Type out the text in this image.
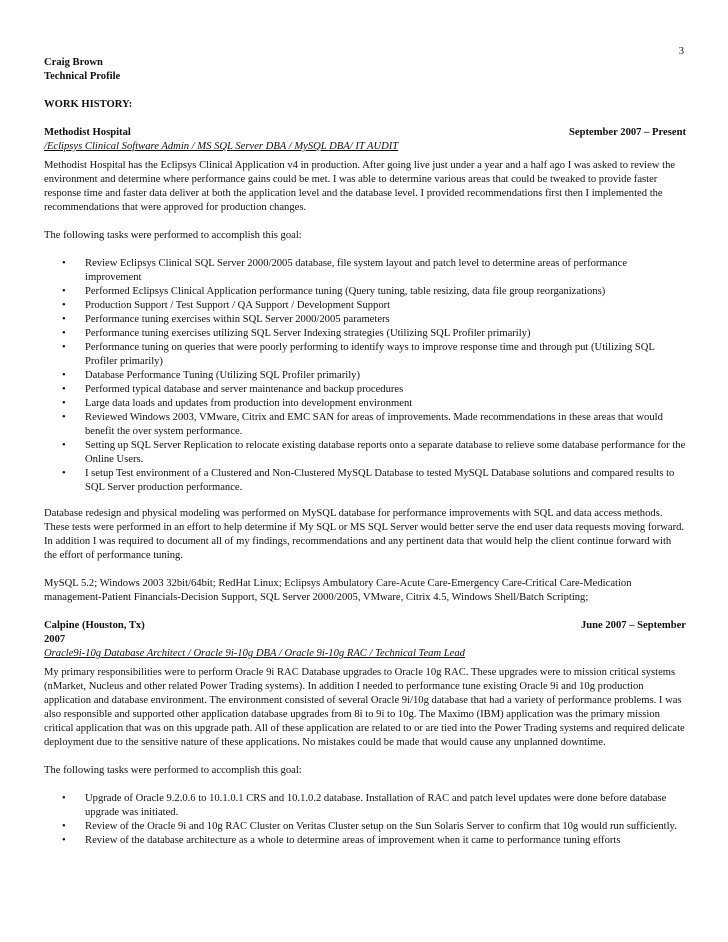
3
Craig Brown
Technical Profile
WORK HISTORY:
Methodist Hospital	September 2007 – Present
/Eclipsys Clinical Software Admin / MS SQL Server DBA / MySQL DBA/ IT AUDIT

Methodist Hospital has the Eclipsys Clinical Application v4 in production. After going live just under a year and a half ago I was asked to review the environment and determine where performance gains could be met. I was able to determine various areas that could be tweaked to provide faster response time and faster data deliver at both the application level and the database level. I provided recommendations first then I implemented the recommendations that were approved for production changes.

The following tasks were performed to accomplish this goal:

• Review Eclipsys Clinical SQL Server 2000/2005 database, file system layout and patch level to determine areas of performance improvement
• Performed Eclipsys Clinical Application performance tuning (Query tuning, table resizing, data file group reorganizations)
• Production Support / Test Support / QA Support / Development Support
• Performance tuning exercises within SQL Server 2000/2005 parameters
• Performance tuning exercises utilizing SQL Server Indexing strategies (Utilizing SQL Profiler primarily)
• Performance tuning on queries that were poorly performing to identify ways to improve response time and through put (Utilizing SQL Profiler primarily)
• Database Performance Tuning (Utilizing SQL Profiler primarily)
• Performed typical database and server maintenance and backup procedures
• Large data loads and updates from production into development environment
• Reviewed Windows 2003, VMware, Citrix and EMC SAN for areas of improvements. Made recommendations in these areas that would benefit the over system performance.
• Setting up SQL Server Replication to relocate existing database reports onto a separate database to relieve some database performance for the Online Users.
• I setup Test environment of a Clustered and Non-Clustered MySQL Database to tested MySQL Database solutions and compared results to SQL Server production performance.

Database redesign and physical modeling was performed on MySQL database for performance improvements with SQL and data access methods. These tests were performed in an effort to help determine if My SQL or MS SQL Server would better serve the end user data requests moving forward. In addition I was required to document all of my findings, recommendations and any pertinent data that would help the client continue forward with the effort of performance tuning.

MySQL 5.2; Windows 2003 32bit/64bit; RedHat Linux; Eclipsys Ambulatory Care-Acute Care-Emergency Care-Critical Care-Medication management-Patient Financials-Decision Support, SQL Server 2000/2005, VMware, Citrix 4.5, Windows Shell/Batch Scripting;

Calpine (Houston, Tx)	June 2007 – September
2007
Oracle9i-10g Database Architect / Oracle 9i-10g DBA / Oracle 9i-10g RAC / Technical Team Lead

My primary responsibilities were to perform Oracle 9i RAC Database upgrades to Oracle 10g RAC. These upgrades were to mission critical systems (nMarket, Nucleus and other related Power Trading systems). In addition I needed to performance tune existing Oracle 9i and 10g production application and database environment. The environment consisted of several Oracle 9i/10g database that had a variety of performance problems. I was also responsible and supported other application database upgrades from 8i to 9i to 10g. The Maximo (IBM) application was the primary mission critical application that was on this upgrade path. All of these application are related to or are tied into the Power Trading systems and required delicate deployment due to the sensitive nature of these applications. No mistakes could be made that would cause any unplanned downtime.

The following tasks were performed to accomplish this goal:

• Upgrade of Oracle 9.2.0.6 to 10.1.0.1 CRS and 10.1.0.2 database. Installation of RAC and patch level updates were done before database upgrade was initiated.
• Review of the Oracle 9i and 10g RAC Cluster on Veritas Cluster setup on the Sun Solaris Server to confirm that 10g would run sufficiently.
• Review of the database architecture as a whole to determine areas of improvement when it came to performance tuning efforts
